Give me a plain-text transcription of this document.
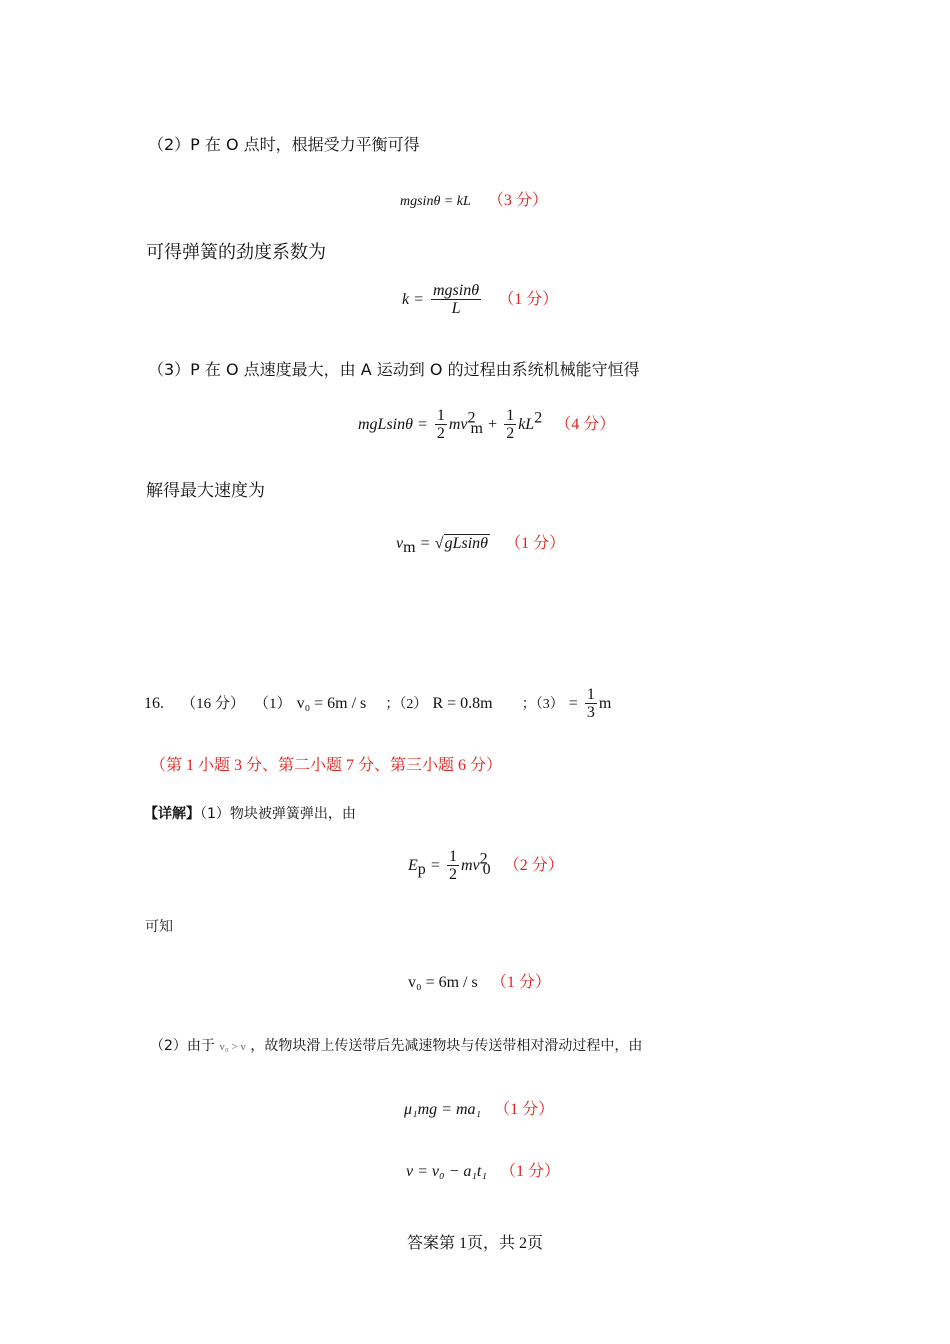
（2）P 在 O 点时，根据受力平衡可得
mgsinθ = kL （3 分）
可得弹簧的劲度系数为
$k = \frac{mgsin\theta}{L} (1$ 分）
（3）P 在 O 点速度最大，由 A 运动到 O 的过程由系统机械能守恒得
$mgLsin\theta = \frac{1}{2} mv^2_m + \frac{1}{2} kL^2$ （4 分）
解得最大速度为
$v_m = √gLsin\theta$ （1 分）
16. （16 分） （1） v₀ = 6m / s ；（2） R = 0.8m ；$(3) = \frac{1}{3}$ m
（第 1 小题 3 分、第二小题 7 分、第三小题 6 分）
【详解】（1）物块被弹簧弹出，由
$E_p = \frac{1}{2} mv^2_0$ （2 分）
可知
v₀ = 6m / s （1 分）
（2）由于 v₀ > v ，故物块滑上传送带后先减速物块与传送带相对滑动过程中，由
μ₁mg = ma₁ （1 分）
v = v₀ − a₁t₁ （1 分）
答案第 1页，共 2页
